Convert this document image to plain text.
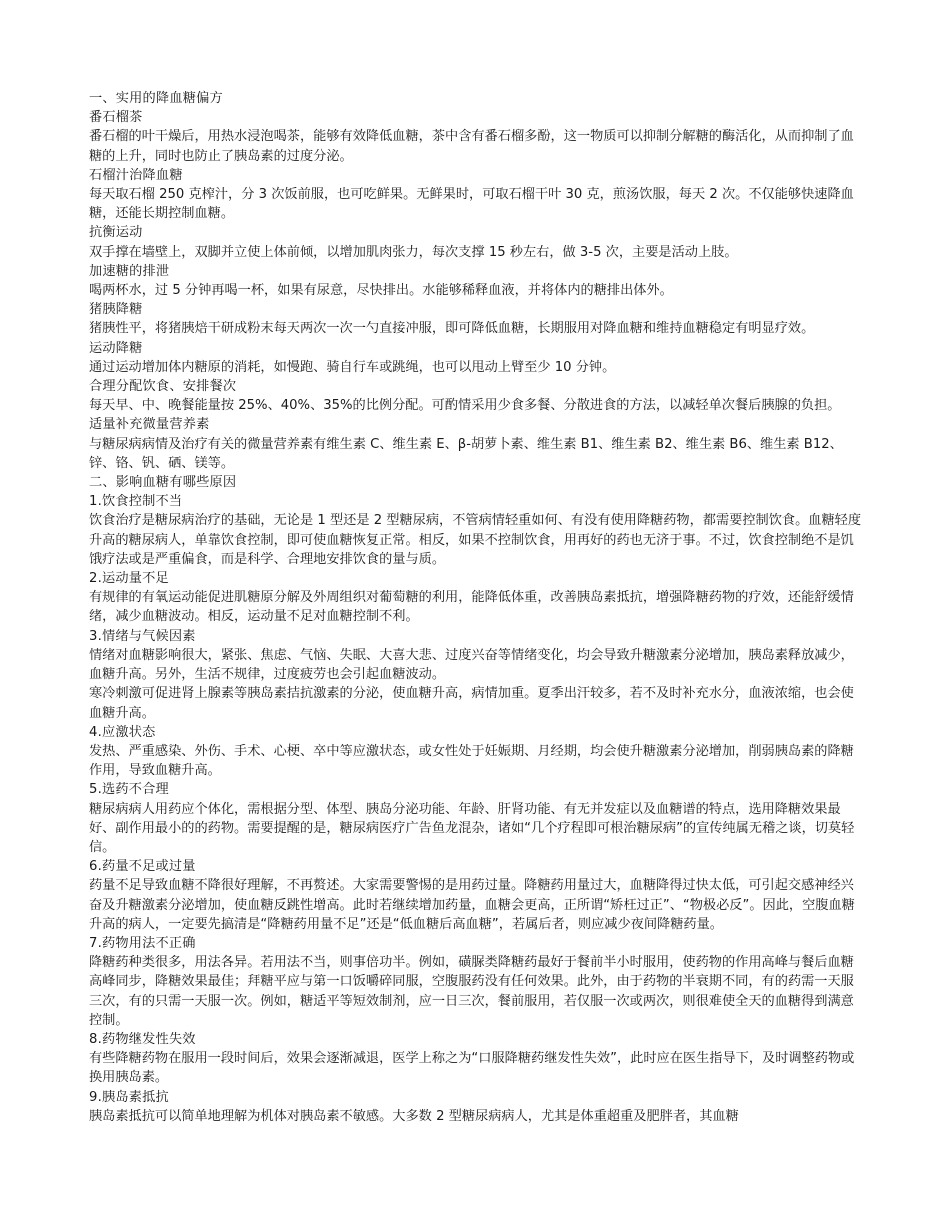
一、实用的降血糖偏方

番石榴茶

番石榴的叶干燥后，用热水浸泡喝茶，能够有效降低血糖，茶中含有番石榴多酚，这一物质可以抑制分解糖的酶活化，从而抑制了血糖的上升，同时也防止了胰岛素的过度分泌。

石榴汁治降血糖

每天取石榴 250 克榨汁，分 3 次饭前服，也可吃鲜果。无鲜果时，可取石榴干叶 30 克，煎汤饮服，每天 2 次。不仅能够快速降血糖，还能长期控制血糖。

抗衡运动

双手撑在墙壁上，双脚并立使上体前倾，以增加肌肉张力，每次支撑 15 秒左右，做 3-5 次，主要是活动上肢。

加速糖的排泄

喝两杯水，过 5 分钟再喝一杯，如果有尿意，尽快排出。水能够稀释血液，并将体内的糖排出体外。

猪胰降糖

猪胰性平，将猪胰焙干研成粉末每天两次一次一勺直接冲服，即可降低血糖，长期服用对降血糖和维持血糖稳定有明显疗效。

运动降糖

通过运动增加体内糖原的消耗，如慢跑、骑自行车或跳绳，也可以甩动上臂至少 10 分钟。

合理分配饮食、安排餐次

每天早、中、晚餐能量按 25%、40%、35%的比例分配。可酌情采用少食多餐、分散进食的方法，以减轻单次餐后胰腺的负担。

适量补充微量营养素

与糖尿病病情及治疗有关的微量营养素有维生素 C、维生素 E、β-胡萝卜素、维生素 B1、维生素 B2、维生素 B6、维生素 B12、锌、铬、钒、硒、镁等。

二、影响血糖有哪些原因

1.饮食控制不当

饮食治疗是糖尿病治疗的基础，无论是 1 型还是 2 型糖尿病，不管病情轻重如何、有没有使用降糖药物，都需要控制饮食。血糖轻度升高的糖尿病人，单靠饮食控制，即可使血糖恢复正常。相反，如果不控制饮食，用再好的药也无济于事。不过，饮食控制绝不是饥饿疗法或是严重偏食，而是科学、合理地安排饮食的量与质。

2.运动量不足

有规律的有氧运动能促进肌糖原分解及外周组织对葡萄糖的利用，能降低体重，改善胰岛素抵抗，增强降糖药物的疗效，还能舒缓情绪，减少血糖波动。相反，运动量不足对血糖控制不利。

3.情绪与气候因素

情绪对血糖影响很大，紧张、焦虑、气恼、失眠、大喜大悲、过度兴奋等情绪变化，均会导致升糖激素分泌增加，胰岛素释放减少，血糖升高。另外，生活不规律，过度疲劳也会引起血糖波动。

寒冷刺激可促进肾上腺素等胰岛素拮抗激素的分泌，使血糖升高，病情加重。夏季出汗较多，若不及时补充水分，血液浓缩，也会使血糖升高。

4.应激状态

发热、严重感染、外伤、手术、心梗、卒中等应激状态，或女性处于妊娠期、月经期，均会使升糖激素分泌增加，削弱胰岛素的降糖作用，导致血糖升高。

5.选药不合理

糖尿病病人用药应个体化，需根据分型、体型、胰岛分泌功能、年龄、肝肾功能、有无并发症以及血糖谱的特点，选用降糖效果最好、副作用最小的的药物。需要提醒的是，糖尿病医疗广告鱼龙混杂，诸如“几个疗程即可根治糖尿病”的宣传纯属无稽之谈，切莫轻信。

6.药量不足或过量

药量不足导致血糖不降很好理解，不再赘述。大家需要警惕的是用药过量。降糖药用量过大，血糖降得过快太低，可引起交感神经兴奋及升糖激素分泌增加，使血糖反跳性增高。此时若继续增加药量，血糖会更高，正所谓“矫枉过正”、“物极必反”。因此，空腹血糖升高的病人，一定要先搞清是“降糖药用量不足”还是“低血糖后高血糖”，若属后者，则应减少夜间降糖药量。

7.药物用法不正确

降糖药种类很多，用法各异。若用法不当，则事倍功半。例如，磺脲类降糖药最好于餐前半小时服用，使药物的作用高峰与餐后血糖高峰同步，降糖效果最佳；拜糖平应与第一口饭嚼碎同服，空腹服药没有任何效果。此外，由于药物的半衰期不同，有的药需一天服三次，有的只需一天服一次。例如，糖适平等短效制剂，应一日三次，餐前服用，若仅服一次或两次，则很难使全天的血糖得到满意控制。

8.药物继发性失效

有些降糖药物在服用一段时间后，效果会逐渐减退，医学上称之为“口服降糖药继发性失效”，此时应在医生指导下，及时调整药物或换用胰岛素。

9.胰岛素抵抗

胰岛素抵抗可以简单地理解为机体对胰岛素不敏感。大多数 2 型糖尿病病人，尤其是体重超重及肥胖者，其血糖
